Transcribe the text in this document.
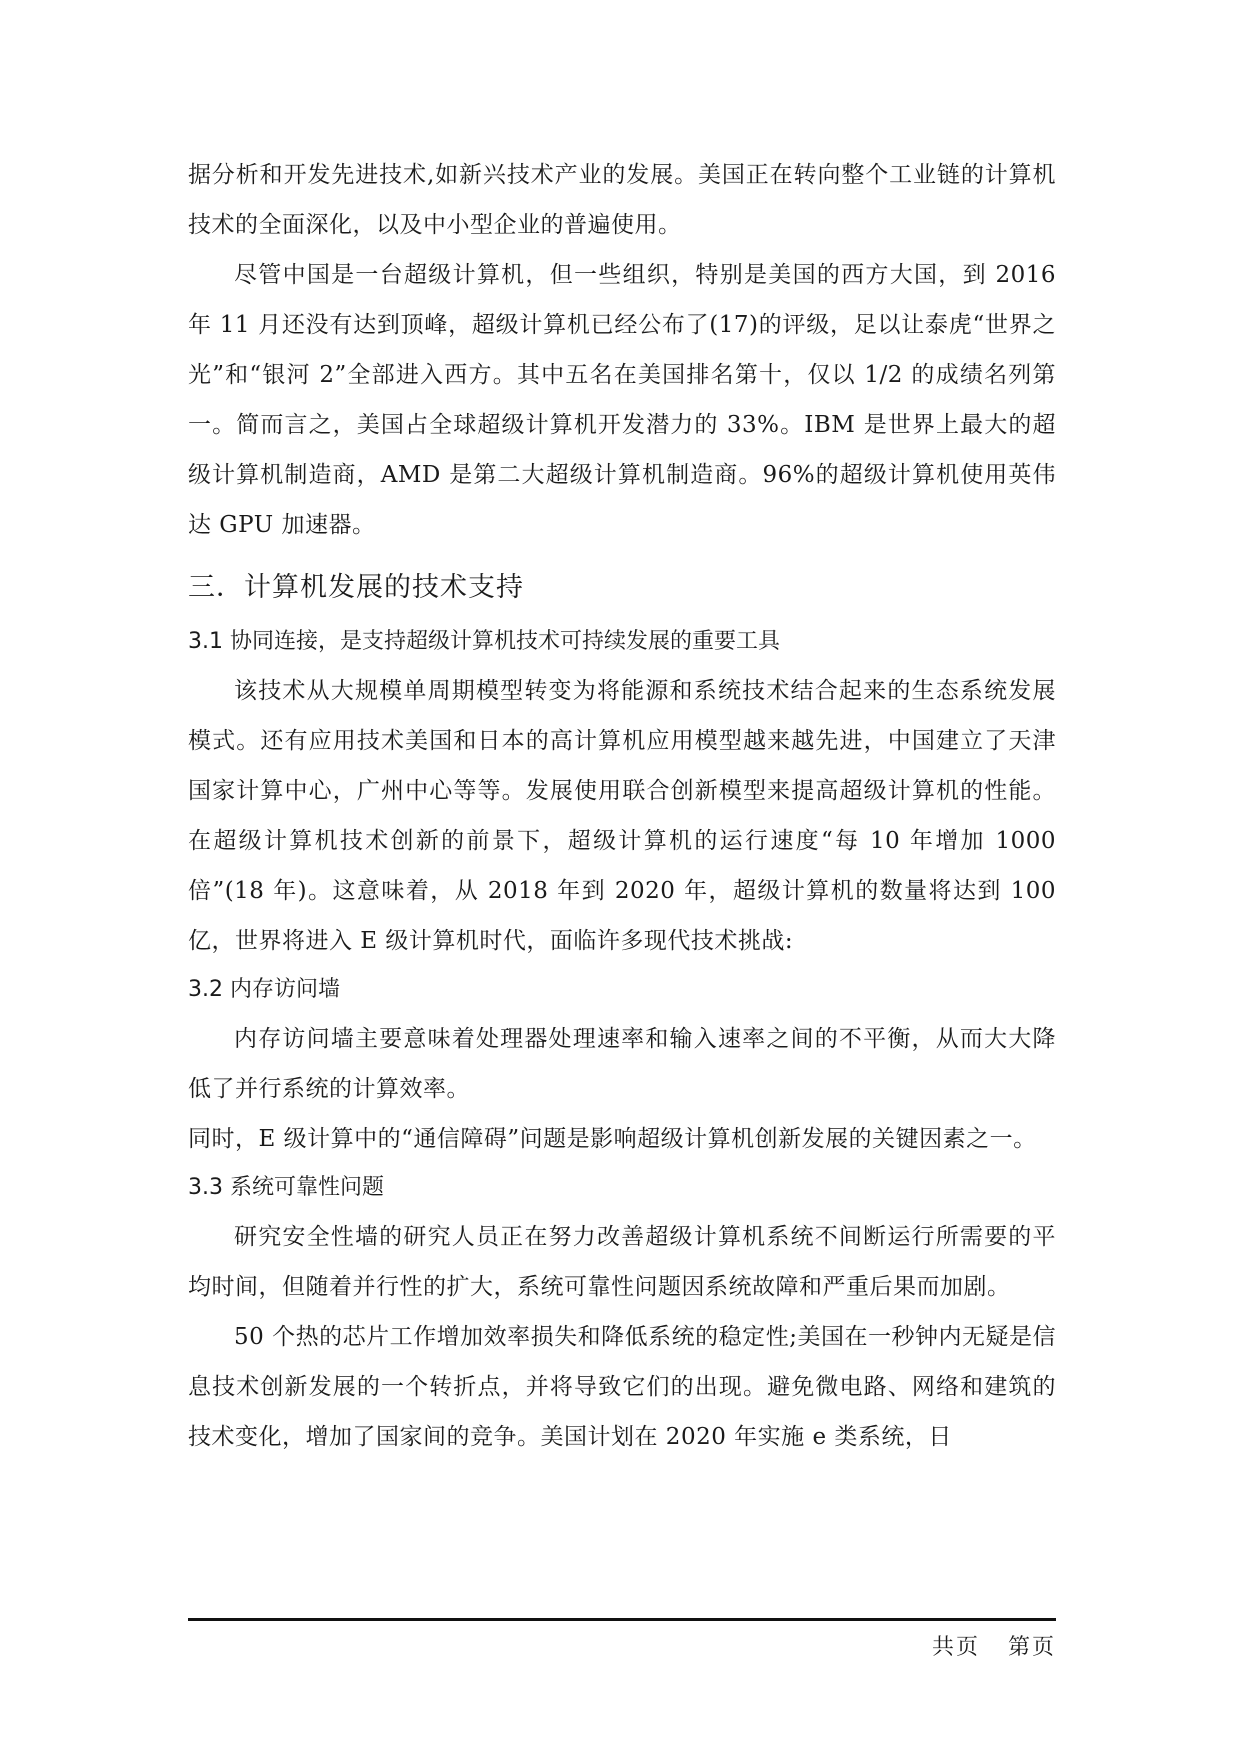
据分析和开发先进技术,如新兴技术产业的发展。美国正在转向整个工业链的计算机技术的全面深化，以及中小型企业的普遍使用。

尽管中国是一台超级计算机，但一些组织，特别是美国的西方大国，到 2016 年 11 月还没有达到顶峰，超级计算机已经公布了(17)的评级，足以让泰虎“世界之光”和“银河 2”全部进入西方。其中五名在美国排名第十，仅以 1/2 的成绩名列第一。简而言之，美国占全球超级计算机开发潜力的 33%。IBM 是世界上最大的超级计算机制造商，AMD 是第二大超级计算机制造商。96%的超级计算机使用英伟达 GPU 加速器。

三．计算机发展的技术支持
3.1 协同连接，是支持超级计算机技术可持续发展的重要工具

该技术从大规模单周期模型转变为将能源和系统技术结合起来的生态系统发展模式。还有应用技术美国和日本的高计算机应用模型越来越先进，中国建立了天津国家计算中心，广州中心等等。发展使用联合创新模型来提高超级计算机的性能。在超级计算机技术创新的前景下，超级计算机的运行速度“每 10 年增加 1000 倍”(18 年)。这意味着，从 2018 年到 2020 年，超级计算机的数量将达到 100 亿，世界将进入 E 级计算机时代，面临许多现代技术挑战:

3.2 内存访问墙

内存访问墙主要意味着处理器处理速率和输入速率之间的不平衡，从而大大降低了并行系统的计算效率。

同时，E 级计算中的“通信障碍”问题是影响超级计算机创新发展的关键因素之一。

3.3 系统可靠性问题

研究安全性墙的研究人员正在努力改善超级计算机系统不间断运行所需要的平均时间，但随着并行性的扩大，系统可靠性问题因系统故障和严重后果而加剧。

50 个热的芯片工作增加效率损失和降低系统的稳定性;美国在一秒钟内无疑是信息技术创新发展的一个转折点，并将导致它们的出现。避免微电路、网络和建筑的技术变化，增加了国家间的竞争。美国计划在 2020 年实施 e 类系统，日

共页 第页
